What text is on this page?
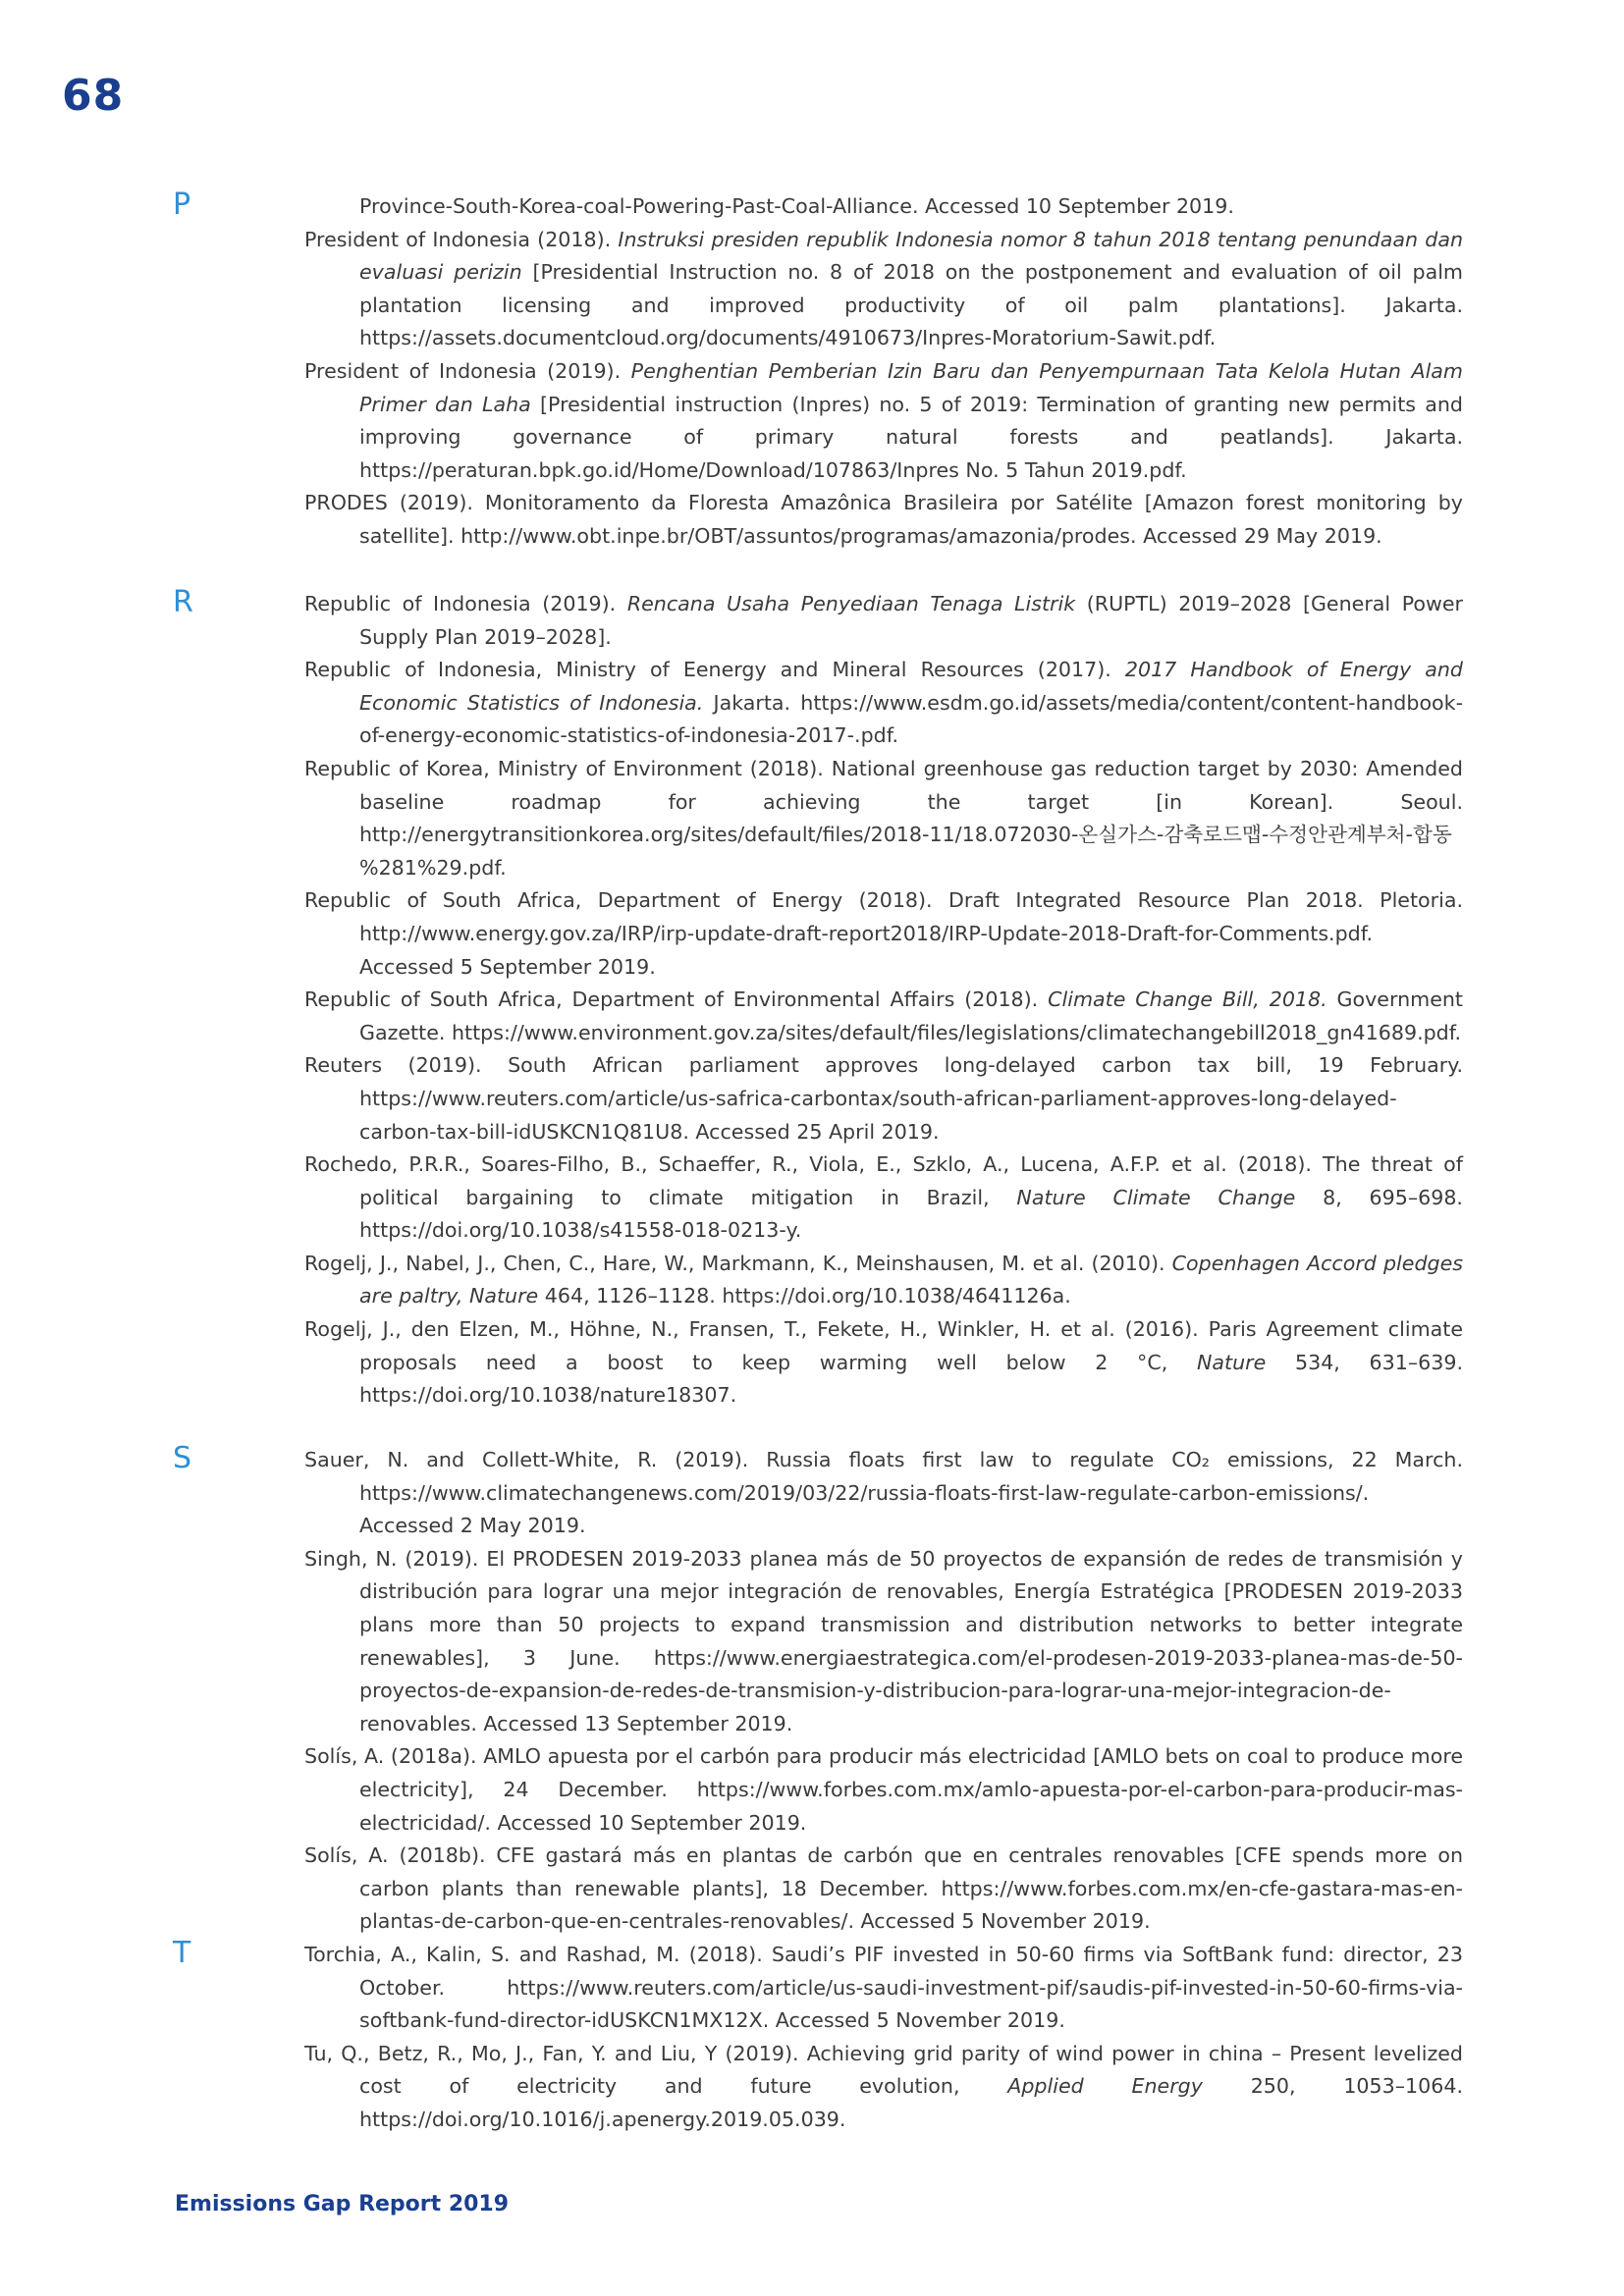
68
P	Province-South-Korea-coal-Powering-Past-Coal-Alliance. Accessed 10 September 2019.
President of Indonesia (2018). Instruksi presiden republik Indonesia nomor 8 tahun 2018 tentang penundaan dan evaluasi perizin [Presidential Instruction no. 8 of 2018 on the postponement and evaluation of oil palm plantation licensing and improved productivity of oil palm plantations]. Jakarta. https://assets.documentcloud.org/documents/4910673/Inpres-Moratorium-Sawit.pdf.
President of Indonesia (2019). Penghentian Pemberian Izin Baru dan Penyempurnaan Tata Kelola Hutan Alam Primer dan Laha [Presidential instruction (Inpres) no. 5 of 2019: Termination of granting new permits and improving governance of primary natural forests and peatlands]. Jakarta. https://peraturan.bpk.go.id/Home/Download/107863/Inpres No. 5 Tahun 2019.pdf.
PRODES (2019). Monitoramento da Floresta Amazônica Brasileira por Satélite [Amazon forest monitoring by satellite]. http://www.obt.inpe.br/OBT/assuntos/programas/amazonia/prodes. Accessed 29 May 2019.
R	Republic of Indonesia (2019). Rencana Usaha Penyediaan Tenaga Listrik (RUPTL) 2019–2028 [General Power Supply Plan 2019–2028].
Republic of Indonesia, Ministry of Eenergy and Mineral Resources (2017). 2017 Handbook of Energy and Economic Statistics of Indonesia. Jakarta. https://www.esdm.go.id/assets/media/content/content-handbook-of-energy-economic-statistics-of-indonesia-2017-.pdf.
Republic of Korea, Ministry of Environment (2018). National greenhouse gas reduction target by 2030: Amended baseline roadmap for achieving the target [in Korean]. Seoul. http://energytransitionkorea.org/sites/default/files/2018-11/18.072030-온실가스-감축로드맵-수정안관계부처-합동 %281%29.pdf.
Republic of South Africa, Department of Energy (2018). Draft Integrated Resource Plan 2018. Pletoria. http://www.energy.gov.za/IRP/irp-update-draft-report2018/IRP-Update-2018-Draft-for-Comments.pdf. Accessed 5 September 2019.
Republic of South Africa, Department of Environmental Affairs (2018). Climate Change Bill, 2018. Government Gazette. https://www.environment.gov.za/sites/default/files/legislations/climatechangebill2018_gn41689.pdf.
Reuters (2019). South African parliament approves long-delayed carbon tax bill, 19 February. https://www.reuters.com/article/us-safrica-carbontax/south-african-parliament-approves-long-delayed-carbon-tax-bill-idUSKCN1Q81U8. Accessed 25 April 2019.
Rochedo, P.R.R., Soares-Filho, B., Schaeffer, R., Viola, E., Szklo, A., Lucena, A.F.P. et al. (2018). The threat of political bargaining to climate mitigation in Brazil, Nature Climate Change 8, 695–698. https://doi.org/10.1038/s41558-018-0213-y.
Rogelj, J., Nabel, J., Chen, C., Hare, W., Markmann, K., Meinshausen, M. et al. (2010). Copenhagen Accord pledges are paltry, Nature 464, 1126–1128. https://doi.org/10.1038/4641126a.
Rogelj, J., den Elzen, M., Höhne, N., Fransen, T., Fekete, H., Winkler, H. et al. (2016). Paris Agreement climate proposals need a boost to keep warming well below 2 °C, Nature 534, 631–639. https://doi.org/10.1038/nature18307.
S	Sauer, N. and Collett-White, R. (2019). Russia floats first law to regulate CO₂ emissions, 22 March. https://www.climatechangenews.com/2019/03/22/russia-floats-first-law-regulate-carbon-emissions/. Accessed 2 May 2019.
Singh, N. (2019). El PRODESEN 2019-2033 planea más de 50 proyectos de expansión de redes de transmisión y distribución para lograr una mejor integración de renovables, Energía Estratégica [PRODESEN 2019-2033 plans more than 50 projects to expand transmission and distribution networks to better integrate renewables], 3 June. https://www.energiaestrategica.com/el-prodesen-2019-2033-planea-mas-de-50-proyectos-de-expansion-de-redes-de-transmision-y-distribucion-para-lograr-una-mejor-integracion-de-renovables. Accessed 13 September 2019.
Solís, A. (2018a). AMLO apuesta por el carbón para producir más electricidad [AMLO bets on coal to produce more electricity], 24 December. https://www.forbes.com.mx/amlo-apuesta-por-el-carbon-para-producir-mas-electricidad/. Accessed 10 September 2019.
Solís, A. (2018b). CFE gastará más en plantas de carbón que en centrales renovables [CFE spends more on carbon plants than renewable plants], 18 December. https://www.forbes.com.mx/en-cfe-gastara-mas-en-plantas-de-carbon-que-en-centrales-renovables/. Accessed 5 November 2019.
T	Torchia, A., Kalin, S. and Rashad, M. (2018). Saudi’s PIF invested in 50-60 firms via SoftBank fund: director, 23 October. https://www.reuters.com/article/us-saudi-investment-pif/saudis-pif-invested-in-50-60-firms-via-softbank-fund-director-idUSKCN1MX12X. Accessed 5 November 2019.
Tu, Q., Betz, R., Mo, J., Fan, Y. and Liu, Y (2019). Achieving grid parity of wind power in china – Present levelized cost of electricity and future evolution, Applied Energy 250, 1053–1064. https://doi.org/10.1016/j.apenergy.2019.05.039.
Emissions Gap Report 2019
